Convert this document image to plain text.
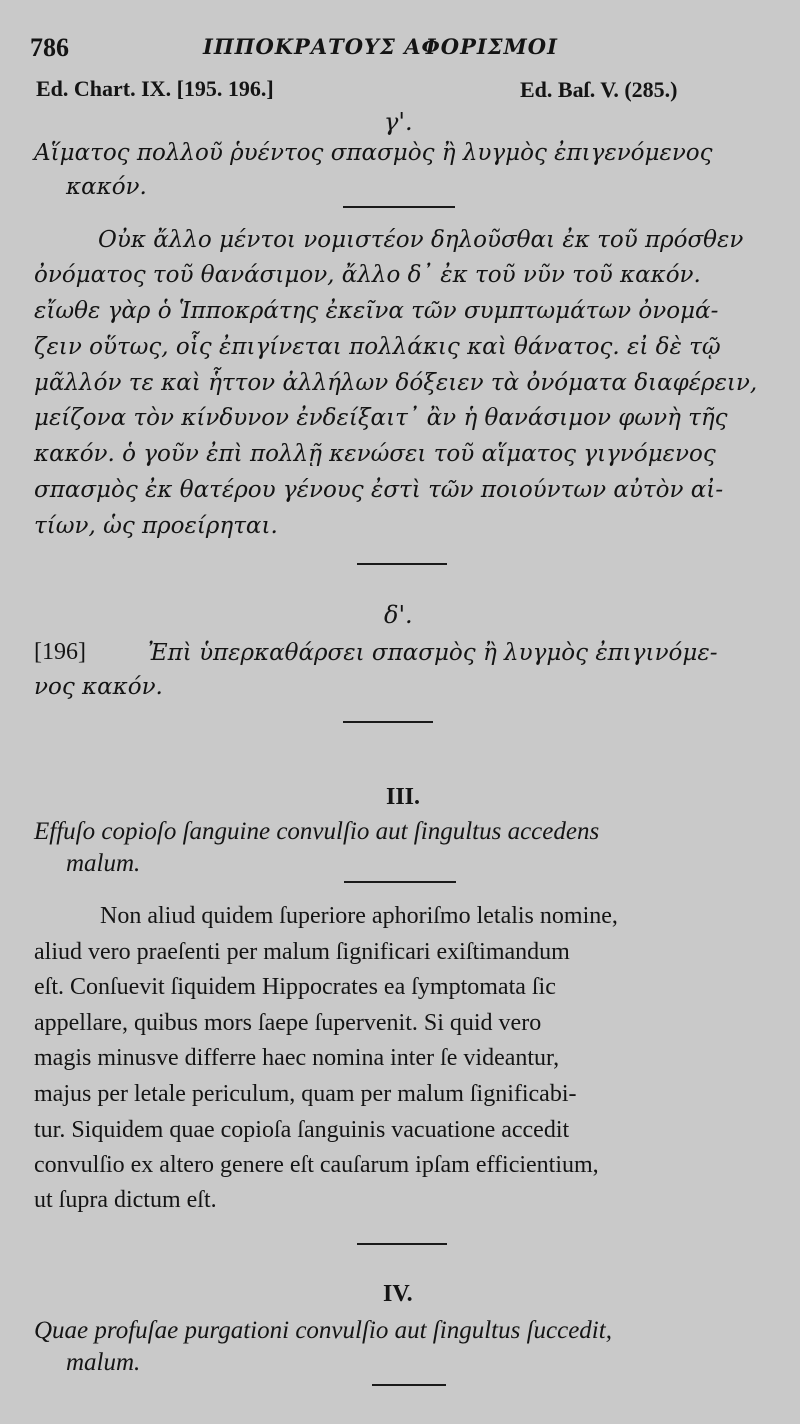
786	ΙΠΠΟΚΡΑΤΟΥΣ ΑΦΟΡΙΣΜΟΙ
Ed. Chart. IX. [195. 196.]	Ed. Baſ. V. (285.)
γ'.
Αἵματος πολλοῦ ῥυέντος σπασμὸς ἢ λυγμὸς ἐπιγενόμενος
κακόν.
Οὐκ ἄλλο μέντοι νομιστέον δηλοῦσθαι ἐκ τοῦ πρόσθεν
ὀνόματος τοῦ θανάσιμον, ἄλλο δ᾿ ἐκ τοῦ νῦν τοῦ κακόν.
εἴωθε γὰρ ὁ Ἱπποκράτης ἐκεῖνα τῶν συμπτωμάτων ὀνομά-
ζειν οὕτως, οἷς ἐπιγίνεται πολλάκις καὶ θάνατος. εἰ δὲ τῷ
μᾶλλόν τε καὶ ἧττον ἀλλήλων δόξειεν τὰ ὀνόματα διαφέρειν,
μείζονα τὸν κίνδυνον ἐνδείξαιτ᾿ ἂν ἡ θανάσιμον φωνὴ τῆς
κακόν. ὁ γοῦν ἐπὶ πολλῇ κενώσει τοῦ αἵματος γιγνόμενος
σπασμὸς ἐκ θατέρου γένους ἐστὶ τῶν ποιούντων αὐτὸν αἰ-
τίων, ὡς προείρηται.
δ'.
[196]	Ἐπὶ ὑπερκαθάρσει σπασμὸς ἢ λυγμὸς ἐπιγινόμε-
νος κακόν.
III.
Effuſo copioſo ſanguine convulſio aut ſingultus accedens
malum.
Non aliud quidem ſuperiore aphoriſmo letalis nomine,
aliud vero praeſenti per malum ſignificari exiſtimandum
eſt. Conſuevit ſiquidem Hippocrates ea ſymptomata ſic
appellare, quibus mors ſaepe ſupervenit. Si quid vero
magis minusve differre haec nomina inter ſe videantur,
majus per letale periculum, quam per malum ſignificabi-
tur. Siquidem quae copioſa ſanguinis vacuatione accedit
convulſio ex altero genere eſt cauſarum ipſam efficientium,
ut ſupra dictum eſt.
IV.
Quae profuſae purgationi convulſio aut ſingultus ſuccedit,
malum.
